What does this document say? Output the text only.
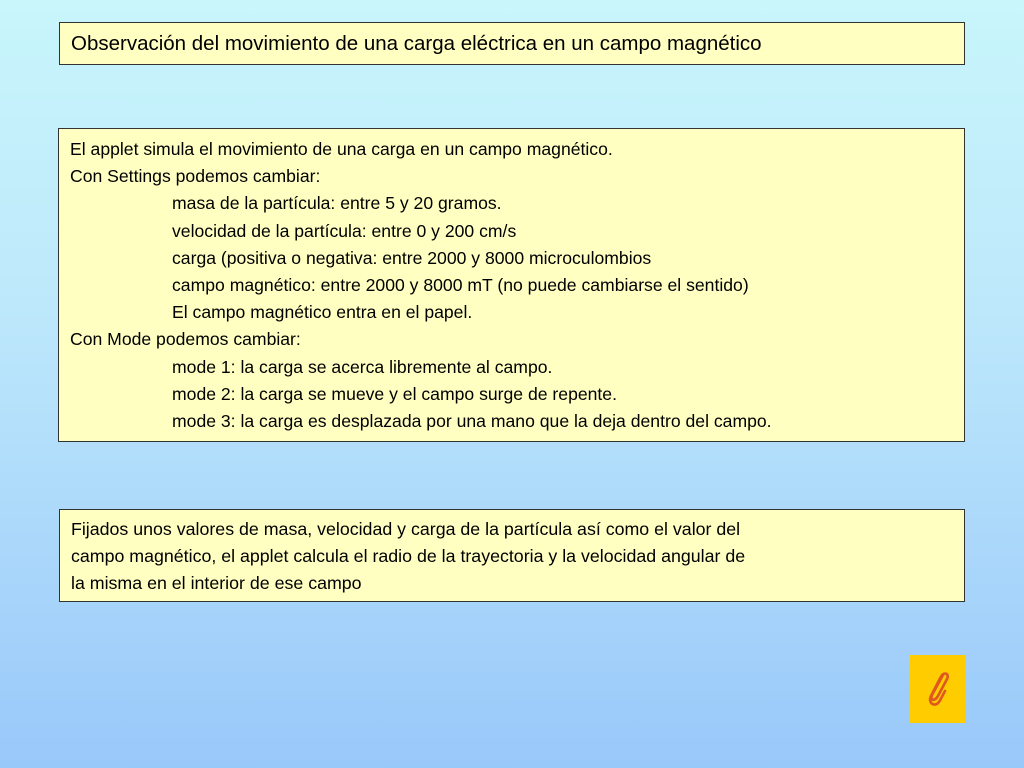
Observación del movimiento de una carga eléctrica en un campo magnético
El applet simula el movimiento de una carga en un campo magnético.
Con Settings podemos cambiar:
masa de la partícula: entre 5 y 20 gramos.
velocidad de la partícula: entre 0 y 200 cm/s
carga (positiva o negativa: entre 2000 y 8000 microculombios
campo magnético: entre 2000 y 8000 mT (no puede cambiarse el sentido)
El campo magnético entra en el papel.
Con Mode podemos cambiar:
mode 1: la carga se acerca libremente al campo.
mode 2: la carga se mueve y el campo surge de repente.
mode 3: la carga es desplazada por una mano que la deja dentro del campo.
Fijados unos valores de masa, velocidad y carga de la partícula así como el valor del
campo magnético, el applet calcula el radio de la trayectoria y la velocidad angular de
la misma en el interior de ese campo
